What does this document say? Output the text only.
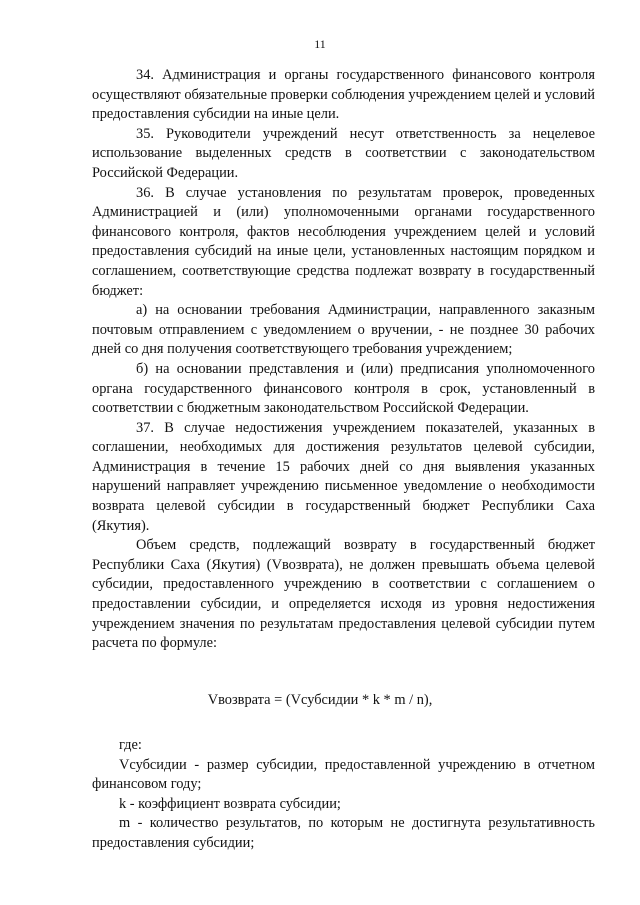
11

34. Администрация и органы государственного финансового контроля осуществляют обязательные проверки соблюдения учреждением целей и условий предоставления субсидии на иные цели.

35. Руководители учреждений несут ответственность за нецелевое использование выделенных средств в соответствии с законодательством Российской Федерации.

36. В случае установления по результатам проверок, проведенных Администрацией и (или) уполномоченными органами государственного финансового контроля, фактов несоблюдения учреждением целей и условий предоставления субсидий на иные цели, установленных настоящим порядком и соглашением, соответствующие средства подлежат возврату в государственный бюджет:

а) на основании требования Администрации, направленного заказным почтовым отправлением с уведомлением о вручении, - не позднее 30 рабочих дней со дня получения соответствующего требования учреждением;

б) на основании представления и (или) предписания уполномоченного органа государственного финансового контроля в срок, установленный в соответствии с бюджетным законодательством Российской Федерации.

37. В случае недостижения учреждением показателей, указанных в соглашении, необходимых для достижения результатов целевой субсидии, Администрация в течение 15 рабочих дней со дня выявления указанных нарушений направляет учреждению письменное уведомление о необходимости возврата целевой субсидии в государственный бюджет Республики Саха (Якутия).

Объем средств, подлежащий возврату в государственный бюджет Республики Саха (Якутия) (Vвозврата), не должен превышать объема целевой субсидии, предоставленного учреждению в соответствии с соглашением о предоставлении субсидии, и определяется исходя из уровня недостижения учреждением значения по результатам предоставления целевой субсидии путем расчета по формуле:

Vвозврата = (Vсубсидии * k * m / n),

где:

Vсубсидии - размер субсидии, предоставленной учреждению в отчетном финансовом году;

k - коэффициент возврата субсидии;

m - количество результатов, по которым не достигнута результативность предоставления субсидии;
